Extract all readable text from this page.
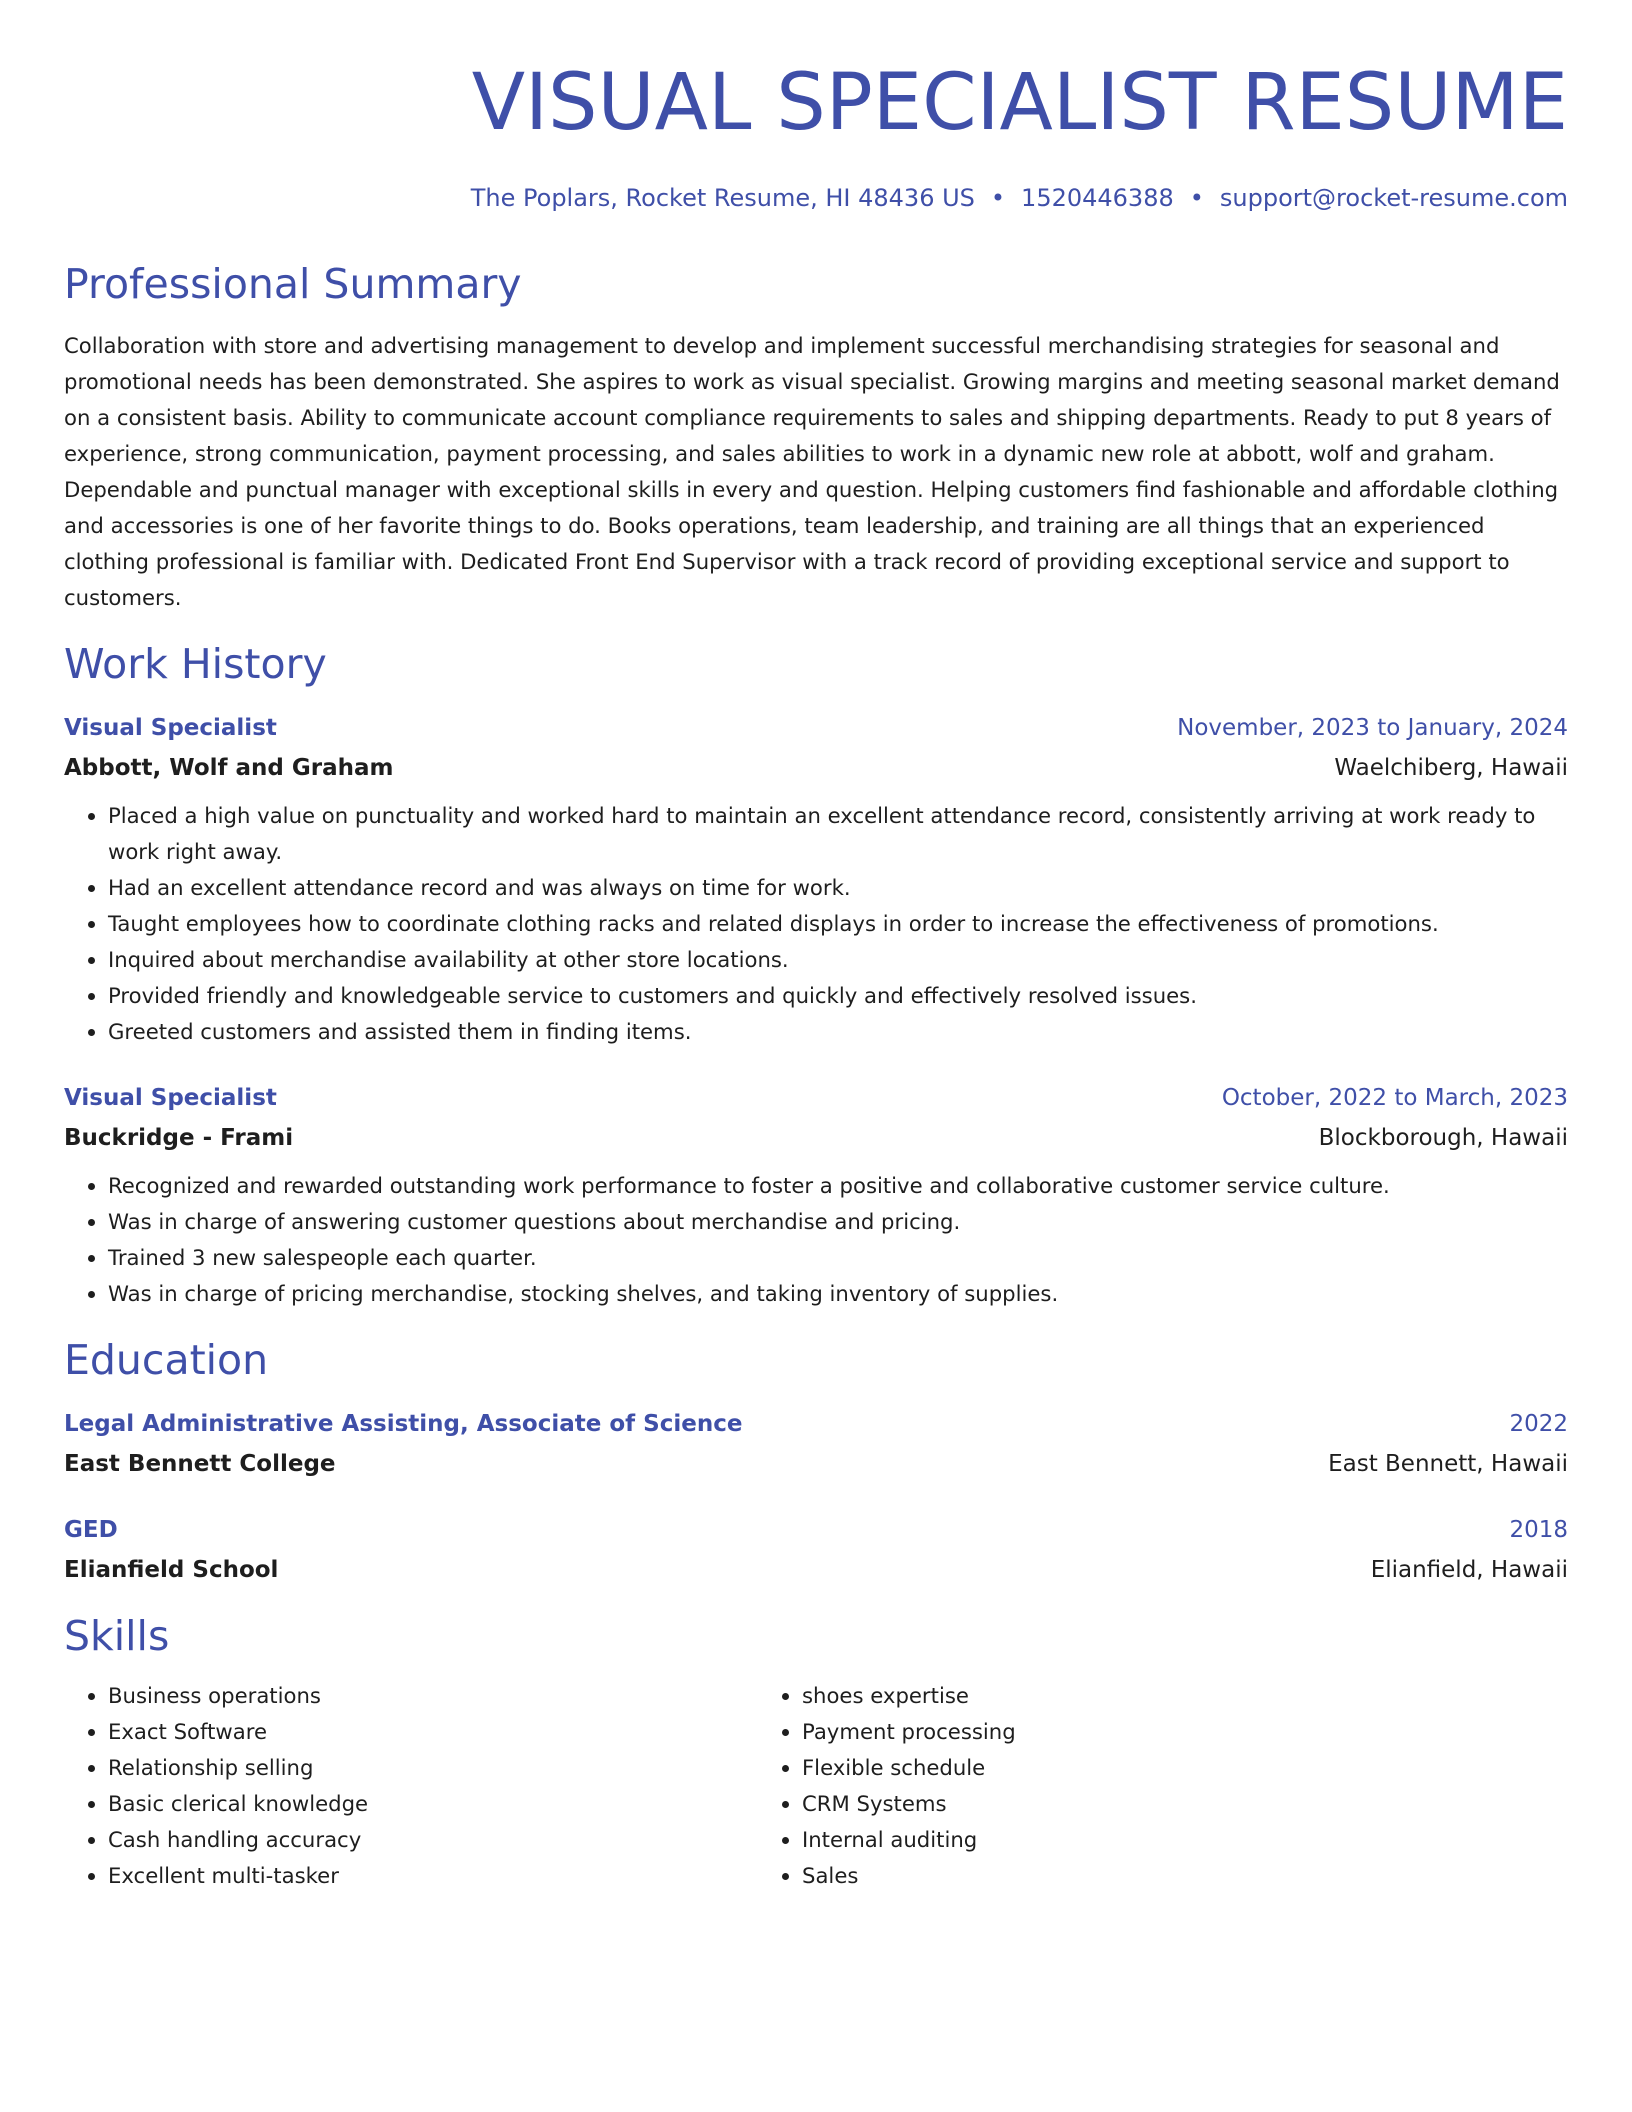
VISUAL SPECIALIST RESUME
The Poplars, Rocket Resume, HI 48436 US • 1520446388 • support@rocket-resume.com
Professional Summary

Collaboration with store and advertising management to develop and implement successful merchandising strategies for seasonal and promotional needs has been demonstrated. She aspires to work as visual specialist. Growing margins and meeting seasonal market demand on a consistent basis. Ability to communicate account compliance requirements to sales and shipping departments. Ready to put 8 years of experience, strong communication, payment processing, and sales abilities to work in a dynamic new role at abbott, wolf and graham. Dependable and punctual manager with exceptional skills in every and question. Helping customers find fashionable and affordable clothing and accessories is one of her favorite things to do. Books operations, team leadership, and training are all things that an experienced clothing professional is familiar with. Dedicated Front End Supervisor with a track record of providing exceptional service and support to customers.

Work History
Visual Specialist	November, 2023 to January, 2024
Abbott, Wolf and Graham	Waelchiberg, Hawaii
• Placed a high value on punctuality and worked hard to maintain an excellent attendance record, consistently arriving at work ready to work right away.
• Had an excellent attendance record and was always on time for work.
• Taught employees how to coordinate clothing racks and related displays in order to increase the effectiveness of promotions.
• Inquired about merchandise availability at other store locations.
• Provided friendly and knowledgeable service to customers and quickly and effectively resolved issues.
• Greeted customers and assisted them in finding items.
Visual Specialist	October, 2022 to March, 2023
Buckridge - Frami	Blockborough, Hawaii
• Recognized and rewarded outstanding work performance to foster a positive and collaborative customer service culture.
• Was in charge of answering customer questions about merchandise and pricing.
• Trained 3 new salespeople each quarter.
• Was in charge of pricing merchandise, stocking shelves, and taking inventory of supplies.
Education
Legal Administrative Assisting, Associate of Science	2022
East Bennett College	East Bennett, Hawaii
GED	2018
Elianfield School	Elianfield, Hawaii
Skills
• Business operations
• Exact Software
• Relationship selling
• Basic clerical knowledge
• Cash handling accuracy
• Excellent multi-tasker
• shoes expertise
• Payment processing
• Flexible schedule
• CRM Systems
• Internal auditing
• Sales
